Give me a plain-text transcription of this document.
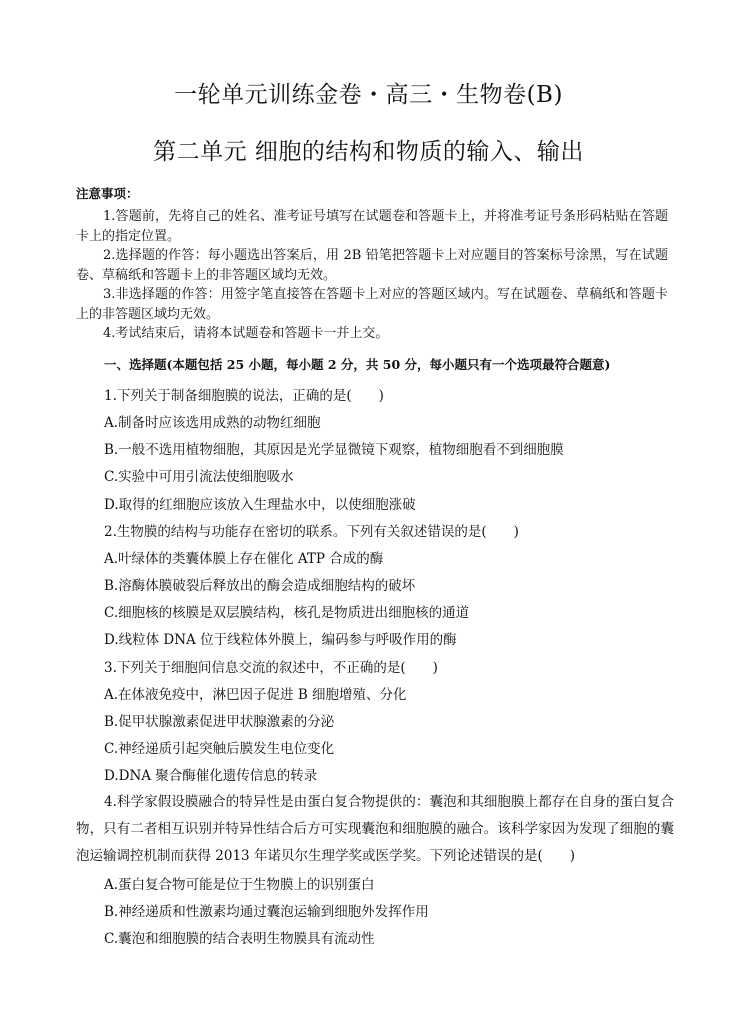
一轮单元训练金卷・高三・生物卷(B)
第二单元 细胞的结构和物质的输入、输出
注意事项：

1.答题前，先将自己的姓名、准考证号填写在试题卷和答题卡上，并将准考证号条形码粘贴在答题卡上的指定位置。

2.选择题的作答：每小题选出答案后，用 2B 铅笔把答题卡上对应题目的答案标号涂黑，写在试题卷、草稿纸和答题卡上的非答题区域均无效。

3.非选择题的作答：用签字笔直接答在答题卡上对应的答题区域内。写在试题卷、草稿纸和答题卡上的非答题区域均无效。

4.考试结束后，请将本试题卷和答题卡一并上交。

一、选择题(本题包括 25 小题，每小题 2 分，共 50 分，每小题只有一个选项最符合题意)
1.下列关于制备细胞膜的说法，正确的是(　　)
A.制备时应该选用成熟的动物红细胞
B.一般不选用植物细胞，其原因是光学显微镜下观察，植物细胞看不到细胞膜
C.实验中可用引流法使细胞吸水
D.取得的红细胞应该放入生理盐水中，以使细胞涨破
2.生物膜的结构与功能存在密切的联系。下列有关叙述错误的是(　　)
A.叶绿体的类囊体膜上存在催化 ATP 合成的酶
B.溶酶体膜破裂后释放出的酶会造成细胞结构的破坏
C.细胞核的核膜是双层膜结构，核孔是物质进出细胞核的通道
D.线粒体 DNA 位于线粒体外膜上，编码参与呼吸作用的酶
3.下列关于细胞间信息交流的叙述中，不正确的是(　　)
A.在体液免疫中，淋巴因子促进 B 细胞增殖、分化
B.促甲状腺激素促进甲状腺激素的分泌
C.神经递质引起突触后膜发生电位变化
D.DNA 聚合酶催化遗传信息的转录

4.科学家假设膜融合的特异性是由蛋白复合物提供的：囊泡和其细胞膜上都存在自身的蛋白复合物，只有二者相互识别并特异性结合后方可实现囊泡和细胞膜的融合。该科学家因为发现了细胞的囊泡运输调控机制而获得 2013 年诺贝尔生理学奖或医学奖。下列论述错误的是(　　)

A.蛋白复合物可能是位于生物膜上的识别蛋白
B.神经递质和性激素均通过囊泡运输到细胞外发挥作用
C.囊泡和细胞膜的结合表明生物膜具有流动性
